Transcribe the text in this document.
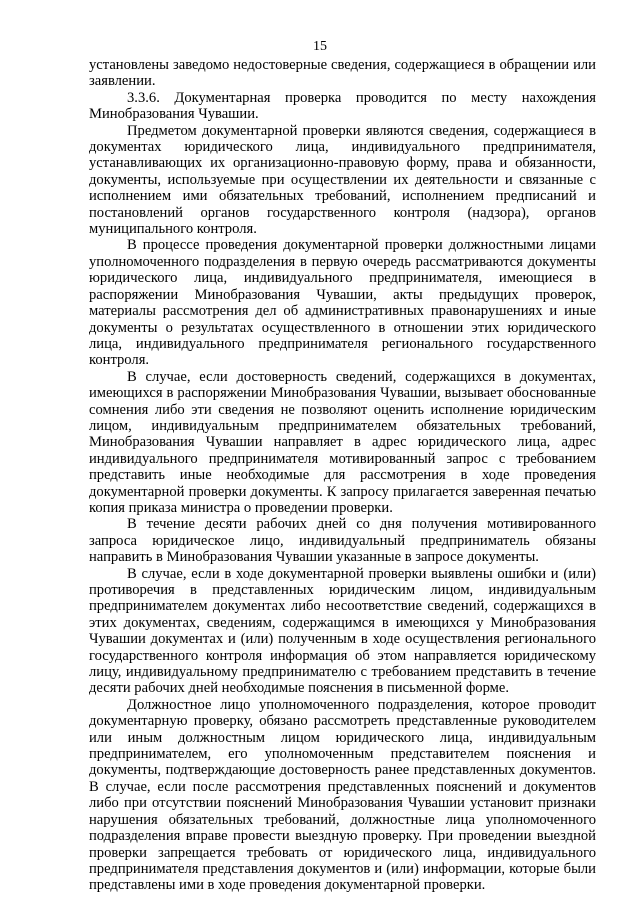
15

установлены заведомо недостоверные сведения, содержащиеся в обращении или заявлении.

3.3.6. Документарная проверка проводится по месту нахождения Минобразования Чувашии.

Предметом документарной проверки являются сведения, содержащиеся в документах юридического лица, индивидуального предпринимателя, устанавливающих их организационно-правовую форму, права и обязанности, документы, используемые при осуществлении их деятельности и связанные с исполнением ими обязательных требований, исполнением предписаний и постановлений органов государственного контроля (надзора), органов муниципального контроля.

В процессе проведения документарной проверки должностными лицами уполномоченного подразделения в первую очередь рассматриваются документы юридического лица, индивидуального предпринимателя, имеющиеся в распоряжении Минобразования Чувашии, акты предыдущих проверок, материалы рассмотрения дел об административных правонарушениях и иные документы о результатах осуществленного в отношении этих юридического лица, индивидуального предпринимателя регионального государственного контроля.

В случае, если достоверность сведений, содержащихся в документах, имеющихся в распоряжении Минобразования Чувашии, вызывает обоснованные сомнения либо эти сведения не позволяют оценить исполнение юридическим лицом, индивидуальным предпринимателем обязательных требований, Минобразования Чувашии направляет в адрес юридического лица, адрес индивидуального предпринимателя мотивированный запрос с требованием представить иные необходимые для рассмотрения в ходе проведения документарной проверки документы. К запросу прилагается заверенная печатью копия приказа министра о проведении проверки.

В течение десяти рабочих дней со дня получения мотивированного запроса юридическое лицо, индивидуальный предприниматель обязаны направить в Минобразования Чувашии указанные в запросе документы.

В случае, если в ходе документарной проверки выявлены ошибки и (или) противоречия в представленных юридическим лицом, индивидуальным предпринимателем документах либо несоответствие сведений, содержащихся в этих документах, сведениям, содержащимся в имеющихся у Минобразования Чувашии документах и (или) полученным в ходе осуществления регионального государственного контроля информация об этом направляется юридическому лицу, индивидуальному предпринимателю с требованием представить в течение десяти рабочих дней необходимые пояснения в письменной форме.

Должностное лицо уполномоченного подразделения, которое проводит документарную проверку, обязано рассмотреть представленные руководителем или иным должностным лицом юридического лица, индивидуальным предпринимателем, его уполномоченным представителем пояснения и документы, подтверждающие достоверность ранее представленных документов. В случае, если после рассмотрения представленных пояснений и документов либо при отсутствии пояснений Минобразования Чувашии установит признаки нарушения обязательных требований, должностные лица уполномоченного подразделения вправе провести выездную проверку. При проведении выездной проверки запрещается требовать от юридического лица, индивидуального предпринимателя представления документов и (или) информации, которые были представлены ими в ходе проведения документарной проверки.
